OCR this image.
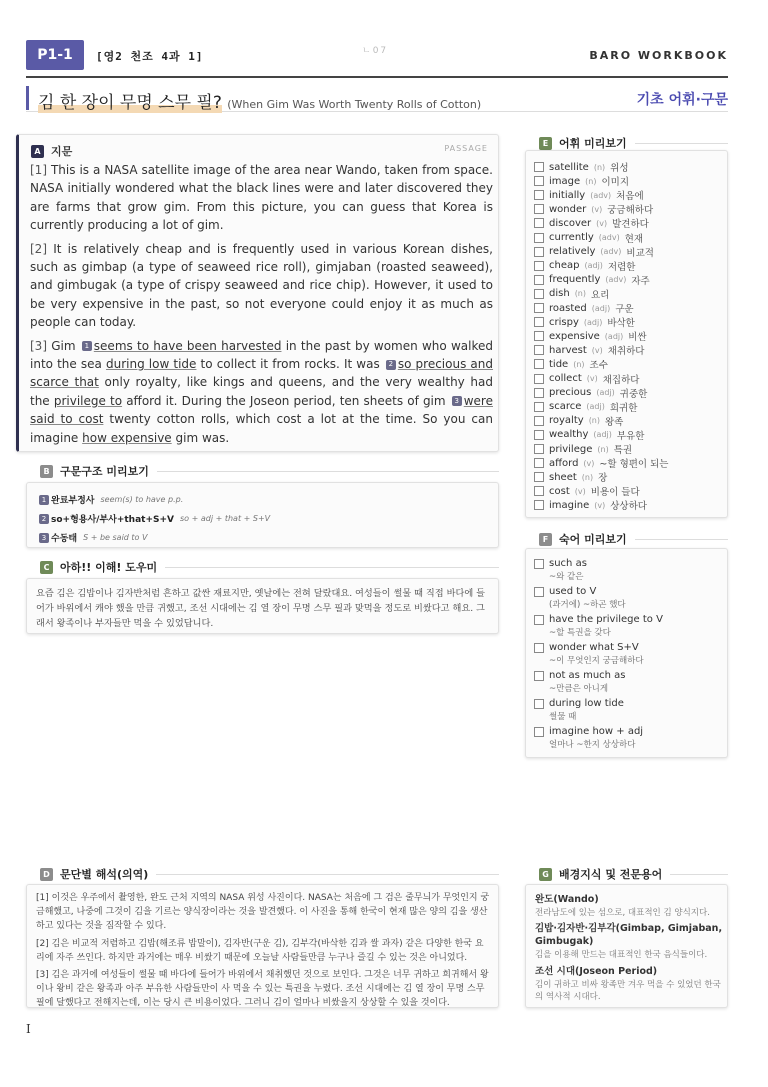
P1-1	[영2 천조 4과 1]	ㄴ07	BARO WORKBOOK
김 한 장이 무명 스무 필? (When Gim Was Worth Twenty Rolls of Cotton)	기초 어휘·구문
A 지문	PASSAGE

[1] This is a NASA satellite image of the area near Wando, taken from space. NASA initially wondered what the black lines were and later discovered they are farms that grow gim. From this picture, you can guess that Korea is currently producing a lot of gim.

[2] It is relatively cheap and is frequently used in various Korean dishes, such as gimbap (a type of seaweed rice roll), gimjaban (roasted seaweed), and gimbugak (a type of crispy seaweed and rice chip). However, it used to be very expensive in the past, so not everyone could enjoy it as much as people can today.

[3] Gim 1 seems to have been harvested in the past by women who walked into the sea during low tide to collect it from rocks. It was 2 so precious and scarce that only royalty, like kings and queens, and the very wealthy had the privilege to afford it. During the Joseon period, ten sheets of gim 3 were said to cost twenty cotton rolls, which cost a lot at the time. So you can imagine how expensive gim was.

B 구문구조 미리보기
1 완료부정사 seem(s) to have p.p.
2 so+형용사/부사+that+S+V so + adj + that + S+V
3 수동태 S + be said to V
C 아하!! 이해! 도우미
요즘 김은 김밥이나 김자반처럼 흔하고 값싼 재료지만, 옛날에는 전혀 달랐대요. 여성들이 썰물 때 직접 바다에 들어가 바위에서 캐야 했을 만큼 귀했고, 조선 시대에는 김 열 장이 무명 스무 필과 맞먹을 정도로 비쌌다고 해요. 그래서 왕족이나 부자들만 먹을 수 있었답니다.
E 어휘 미리보기
satellite (n) 위성
image (n) 이미지
initially (adv) 처음에
wonder (v) 궁금해하다
discover (v) 발견하다
currently (adv) 현재
relatively (adv) 비교적
cheap (adj) 저렴한
frequently (adv) 자주
dish (n) 요리
roasted (adj) 구운
crispy (adj) 바삭한
expensive (adj) 비싼
harvest (v) 채취하다
tide (n) 조수
collect (v) 채집하다
precious (adj) 귀중한
scarce (adj) 희귀한
royalty (n) 왕족
wealthy (adj) 부유한
privilege (n) 특권
afford (v) ~할 형편이 되는
sheet (n) 장
cost (v) 비용이 들다
imagine (v) 상상하다
F 숙어 미리보기
such as
~와 같은
used to V
(과거에) ~하곤 했다
have the privilege to V
~할 특권을 갖다
wonder what S+V
~이 무엇인지 궁금해하다
not as much as
~만큼은 아니게
during low tide
썰물 때
imagine how + adj
얼마나 ~한지 상상하다
D 문단별 해석(의역)

[1] 이것은 우주에서 촬영한, 완도 근처 지역의 NASA 위성 사진이다. NASA는 처음에 그 검은 줄무늬가 무엇인지 궁금해했고, 나중에 그것이 김을 기르는 양식장이라는 것을 발견했다. 이 사진을 통해 한국이 현재 많은 양의 김을 생산하고 있다는 것을 짐작할 수 있다.

[2] 김은 비교적 저렴하고 김밥(해조류 밥말이), 김자반(구운 김), 김부각(바삭한 김과 쌀 과자) 같은 다양한 한국 요리에 자주 쓰인다. 하지만 과거에는 매우 비쌌기 때문에 오늘날 사람들만큼 누구나 즐길 수 있는 것은 아니었다.

[3] 김은 과거에 여성들이 썰물 때 바다에 들어가 바위에서 채취했던 것으로 보인다. 그것은 너무 귀하고 희귀해서 왕이나 왕비 같은 왕족과 아주 부유한 사람들만이 사 먹을 수 있는 특권을 누렸다. 조선 시대에는 김 열 장이 무명 스무 필에 달했다고 전해지는데, 이는 당시 큰 비용이었다. 그러니 김이 얼마나 비쌌을지 상상할 수 있을 것이다.

G 배경지식 및 전문용어
완도(Wando)
전라남도에 있는 섬으로, 대표적인 김 양식지다.
김밥·김자반·김부각(Gimbap, Gimjaban, Gimbugak)
김을 이용해 만드는 대표적인 한국 음식들이다.
조선 시대(Joseon Period)
김이 귀하고 비싸 왕족만 겨우 먹을 수 있었던 한국의 역사적 시대다.
I
